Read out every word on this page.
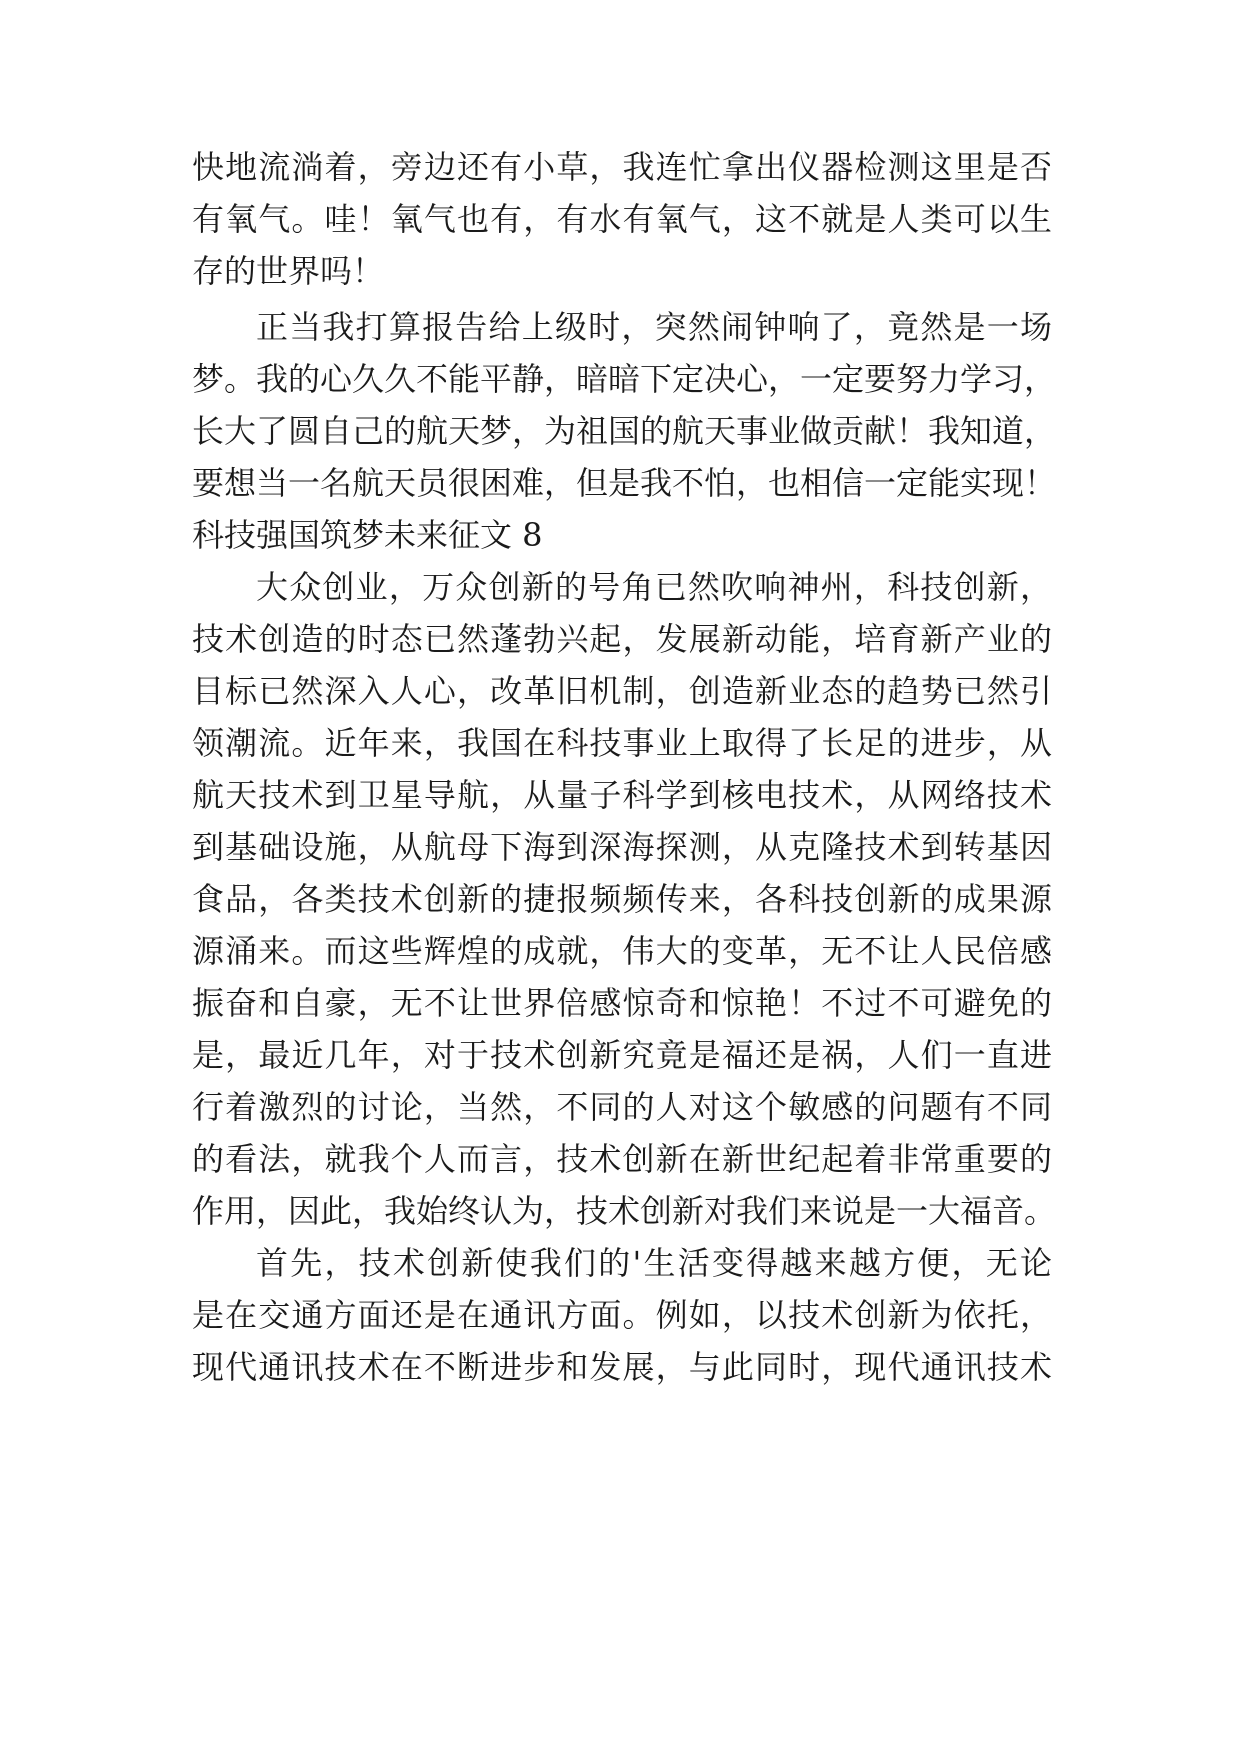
快地流淌着，旁边还有小草，我连忙拿出仪器检测这里是否
有氧气。哇！氧气也有，有水有氧气，这不就是人类可以生
存的世界吗！
正当我打算报告给上级时，突然闹钟响了，竟然是一场
梦。我的心久久不能平静，暗暗下定决心，一定要努力学习，
长大了圆自己的航天梦，为祖国的航天事业做贡献！我知道，
要想当一名航天员很困难，但是我不怕，也相信一定能实现！
科技强国筑梦未来征文 8
大众创业，万众创新的号角已然吹响神州，科技创新，
技术创造的时态已然蓬勃兴起，发展新动能，培育新产业的
目标已然深入人心，改革旧机制，创造新业态的趋势已然引
领潮流。近年来，我国在科技事业上取得了长足的进步，从
航天技术到卫星导航，从量子科学到核电技术，从网络技术
到基础设施，从航母下海到深海探测，从克隆技术到转基因
食品，各类技术创新的捷报频频传来，各科技创新的成果源
源涌来。而这些辉煌的成就，伟大的变革，无不让人民倍感
振奋和自豪，无不让世界倍感惊奇和惊艳！不过不可避免的
是，最近几年，对于技术创新究竟是福还是祸，人们一直进
行着激烈的讨论，当然，不同的人对这个敏感的问题有不同
的看法，就我个人而言，技术创新在新世纪起着非常重要的
作用，因此，我始终认为，技术创新对我们来说是一大福音。
首先，技术创新使我们的'生活变得越来越方便，无论
是在交通方面还是在通讯方面。例如，以技术创新为依托，
现代通讯技术在不断进步和发展，与此同时，现代通讯技术
